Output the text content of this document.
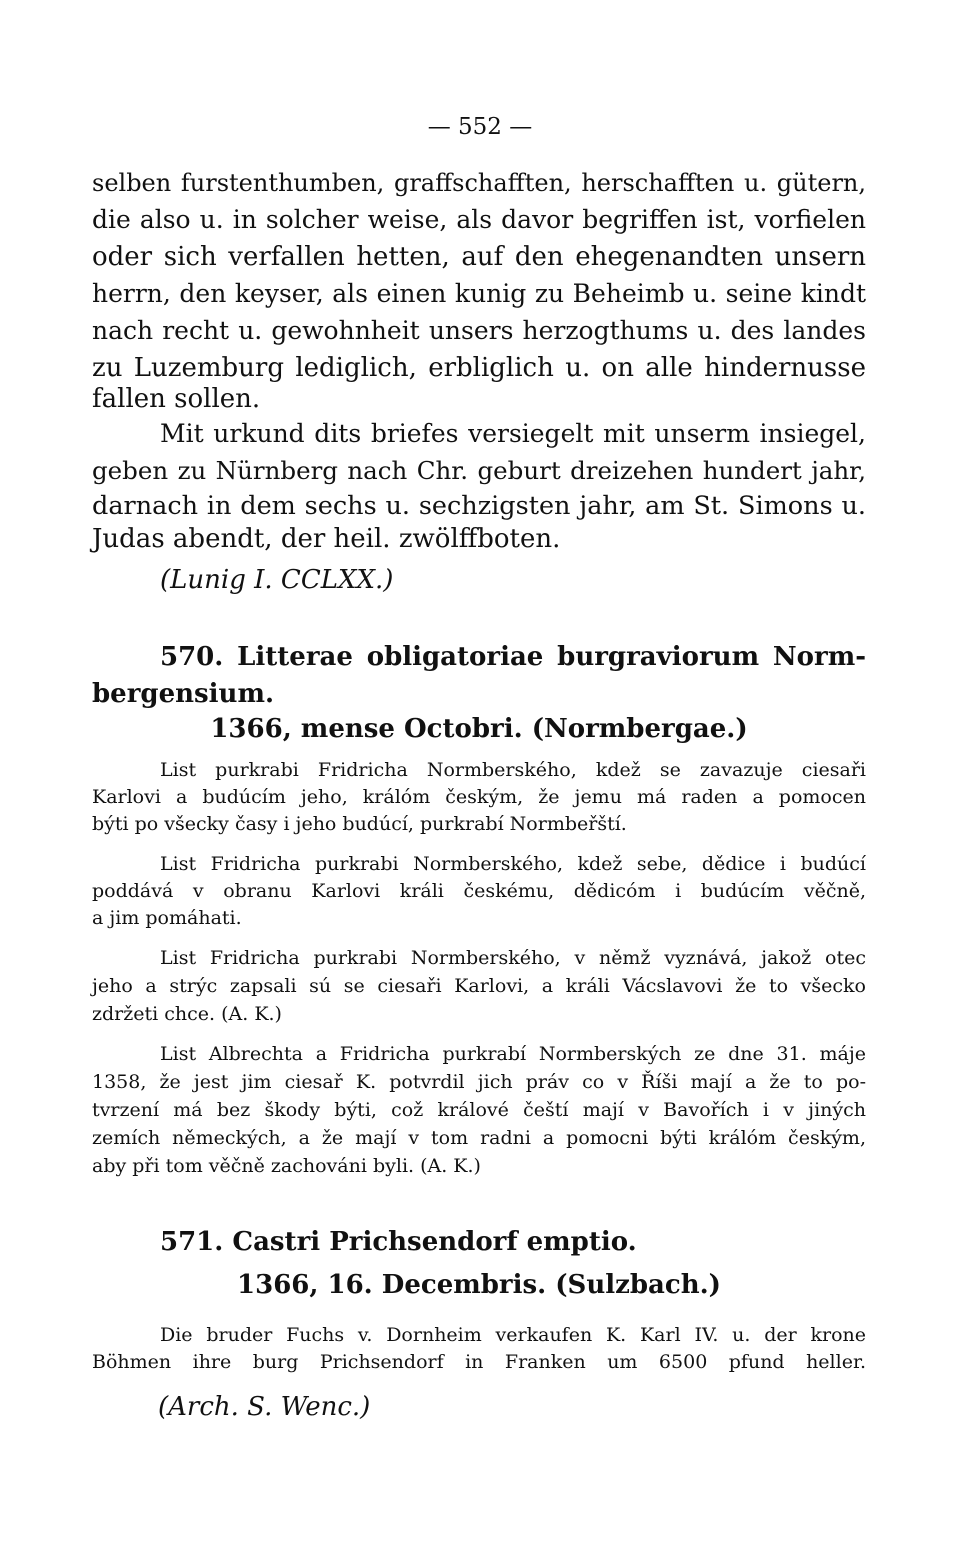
— 552 —
selben furstenthumben, graffschafften, herschafften u. gütern,
die also u. in solcher weise, als davor begriffen ist, vorfielen
oder sich verfallen hetten, auf den ehegenandten unsern
herrn, den keyser, als einen kunig zu Beheimb u. seine kindt
nach recht u. gewohnheit unsers herzogthums u. des landes
zu Luzemburg lediglich, erbliglich u. on alle hindernusse
fallen sollen.
Mit urkund dits briefes versiegelt mit unserm insiegel,
geben zu Nürnberg nach Chr. geburt dreizehen hundert jahr,
darnach in dem sechs u. sechzigsten jahr, am St. Simons u.
Judas abendt, der heil. zwölffboten.
(Lunig I. CCLXX.)
570. Litterae obligatoriae burgraviorum Norm-
bergensium.
1366, mense Octobri. (Normbergae.)
List purkrabi Fridricha Normberského, kdež se zavazuje ciesaři
Karlovi a budúcím jeho, králóm českým, že jemu má raden a pomocen
býti po všecky časy i jeho budúcí, purkrabí Normbeřští.
List Fridricha purkrabi Normberského, kdež sebe, dědice i budúcí
poddává v obranu Karlovi králi českému, dědicóm i budúcím věčně,
a jim pomáhati.
List Fridricha purkrabi Normberského, v němž vyznává, jakož otec
jeho a strýc zapsali sú se ciesaři Karlovi, a králi Vácslavovi že to všecko
zdržeti chce. (A. K.)
List Albrechta a Fridricha purkrabí Normberských ze dne 31. máje
1358, že jest jim ciesař K. potvrdil jich práv co v Říši mají a že to po-
tvrzení má bez škody býti, což králové čeští mají v Bavořích i v jiných
zemích německých, a že mají v tom radni a pomocni býti králóm českým,
aby při tom věčně zachováni byli. (A. K.)
571. Castri Prichsendorf emptio.
1366, 16. Decembris. (Sulzbach.)
Die bruder Fuchs v. Dornheim verkaufen K. Karl IV. u. der krone
Böhmen ihre burg Prichsendorf in Franken um 6500 pfund heller.
(Arch. S. Wenc.)
